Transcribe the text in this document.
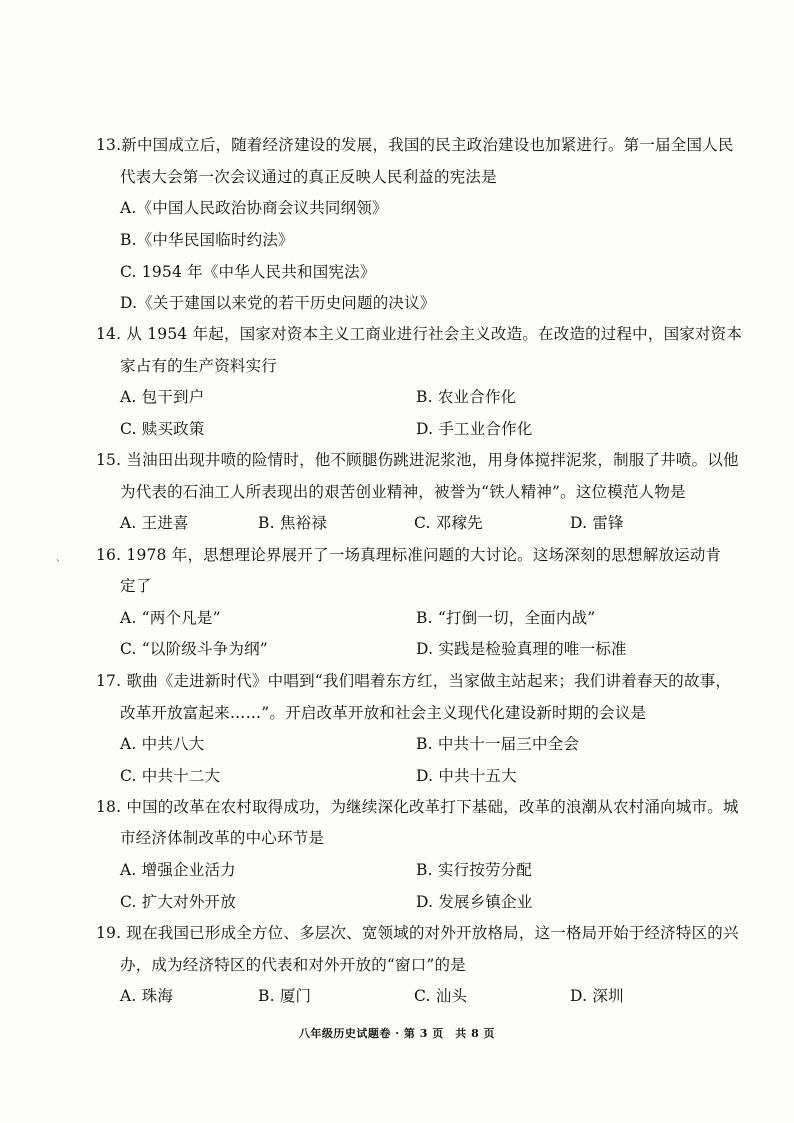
13.新中国成立后，随着经济建设的发展，我国的民主政治建设也加紧进行。第一届全国人民
代表大会第一次会议通过的真正反映人民利益的宪法是
A.《中国人民政治协商会议共同纲领》
B.《中华民国临时约法》
C. 1954 年《中华人民共和国宪法》
D.《关于建国以来党的若干历史问题的决议》
14. 从 1954 年起，国家对资本主义工商业进行社会主义改造。在改造的过程中，国家对资本
家占有的生产资料实行
A. 包干到户	B. 农业合作化
C. 赎买政策	D. 手工业合作化
15. 当油田出现井喷的险情时，他不顾腿伤跳进泥浆池，用身体搅拌泥浆，制服了井喷。以他
为代表的石油工人所表现出的艰苦创业精神，被誉为“铁人精神”。这位模范人物是
A. 王进喜	B. 焦裕禄	C. 邓稼先	D. 雷锋
16. 1978 年，思想理论界展开了一场真理标准问题的大讨论。这场深刻的思想解放运动肯
定了
A. “两个凡是”	B. “打倒一切，全面内战”
C. “以阶级斗争为纲”	D. 实践是检验真理的唯一标准
17. 歌曲《走进新时代》中唱到“我们唱着东方红，当家做主站起来；我们讲着春天的故事，
改革开放富起来……”。开启改革开放和社会主义现代化建设新时期的会议是
A. 中共八大	B. 中共十一届三中全会
C. 中共十二大	D. 中共十五大
18. 中国的改革在农村取得成功，为继续深化改革打下基础，改革的浪潮从农村涌向城市。城
市经济体制改革的中心环节是
A. 增强企业活力	B. 实行按劳分配
C. 扩大对外开放	D. 发展乡镇企业
19. 现在我国已形成全方位、多层次、宽领域的对外开放格局，这一格局开始于经济特区的兴
办，成为经济特区的代表和对外开放的“窗口”的是
A. 珠海	B. 厦门	C. 汕头	D. 深圳
`
八年级历史试题卷 · 第 3 页　共 8 页
